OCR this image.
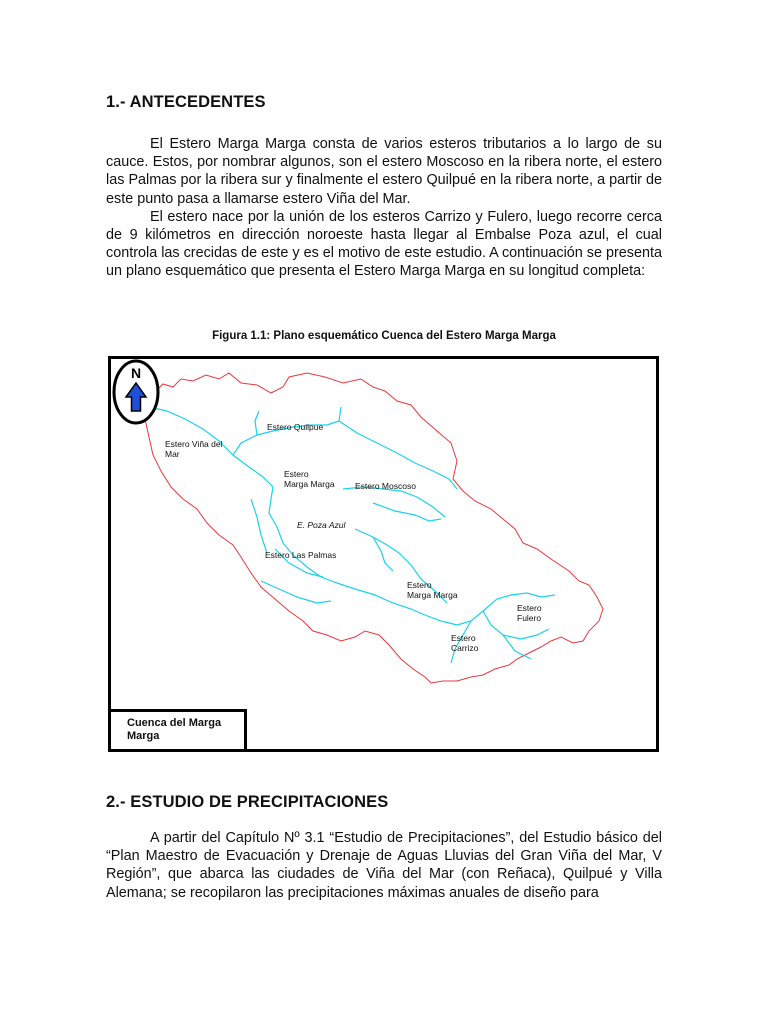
1.- ANTECEDENTES

El Estero Marga Marga consta de varios esteros tributarios a lo largo de su cauce. Estos, por nombrar algunos, son el estero Moscoso en la ribera norte, el estero las Palmas por la ribera sur y finalmente el estero Quilpué en la ribera norte, a partir de este punto pasa a llamarse estero Viña del Mar.

El estero nace por la unión de los esteros Carrizo y Fulero, luego recorre cerca de 9 kilómetros en dirección noroeste hasta llegar al Embalse Poza azul, el cual controla las crecidas de este y es el motivo de este estudio. A continuación se presenta un plano esquemático que presenta el Estero Marga Marga en su longitud completa:

Figura 1.1: Plano esquemático Cuenca del Estero Marga Marga

Estero Quilpue
Estero Viña del
Mar
Estero
Marga Marga Estero Moscoso
E. Poza Azul
Estero Las Palmas
Estero
Marga Marga
Estero
Fulero
Estero
Carrizo
N
Cuenca del Marga
Marga
2.- ESTUDIO DE PRECIPITACIONES

A partir del Capítulo Nº 3.1 “Estudio de Precipitaciones”, del Estudio básico del “Plan Maestro de Evacuación y Drenaje de Aguas Lluvias del Gran Viña del Mar, V Región”, que abarca las ciudades de Viña del Mar (con Reñaca), Quilpué y Villa Alemana; se recopilaron las precipitaciones máximas anuales de diseño para
